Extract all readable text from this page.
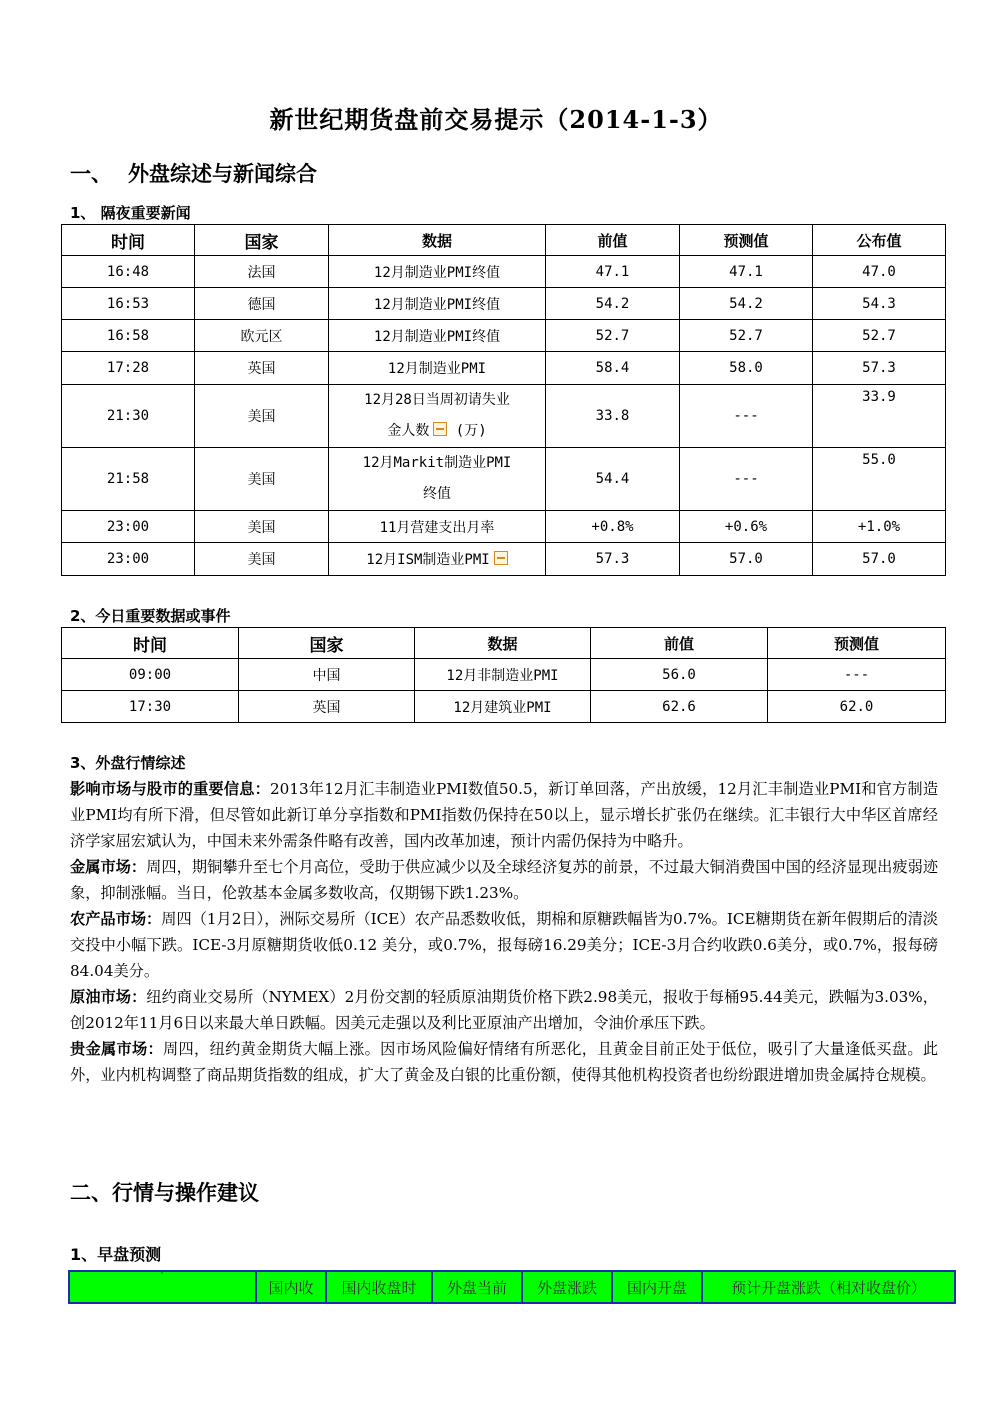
新世纪期货盘前交易提示（2014-1-3）
一、 外盘综述与新闻综合
1、 隔夜重要新闻
时间	国家	数据	前值	预测值	公布值
16:48	法国	12月制造业PMI终值	47.1	47.1	47.0
16:53	德国	12月制造业PMI终值	54.2	54.2	54.3
16:58	欧元区	12月制造业PMI终值	52.7	52.7	52.7
17:28	英国	12月制造业PMI	58.4	58.0	57.3
21:30	美国	12月28日当周初请失业
金人数 (万)	33.8	---	33.9
21:58	美国	12月Markit制造业PMI
终值	54.4	---	55.0
23:00	美国	11月营建支出月率	+0.8%	+0.6%	+1.0%
23:00	美国	12月ISM制造业PMI	57.3	57.0	57.0
2、今日重要数据或事件
时间	国家	数据	前值	预测值
09:00	中国	12月非制造业PMI	56.0	---
17:30	英国	12月建筑业PMI	62.6	62.0
3、外盘行情综述
影响市场与股市的重要信息：2013年12月汇丰制造业PMI数值50.5，新订单回落，产出放缓，12月汇丰制造业PMI和官方制造业PMI均有所下滑，但尽管如此新订单分享指数和PMI指数仍保持在50以上，显示增长扩张仍在继续。汇丰银行大中华区首席经济学家屈宏斌认为，中国未来外需条件略有改善，国内改革加速，预计内需仍保持为中略升。
金属市场：周四，期铜攀升至七个月高位，受助于供应减少以及全球经济复苏的前景，不过最大铜消费国中国的经济显现出疲弱迹象，抑制涨幅。当日，伦敦基本金属多数收高，仅期锡下跌1.23%。
农产品市场：周四（1月2日），洲际交易所（ICE）农产品悉数收低，期棉和原糖跌幅皆为0.7%。ICE糖期货在新年假期后的清淡交投中小幅下跌。ICE-3月原糖期货收低0.12 美分，或0.7%，报每磅16.29美分；ICE-3月合约收跌0.6美分，或0.7%，报每磅84.04美分。
原油市场：纽约商业交易所（NYMEX）2月份交割的轻质原油期货价格下跌2.98美元，报收于每桶95.44美元，跌幅为3.03%，创2012年11月6日以来最大单日跌幅。因美元走强以及利比亚原油产出增加，令油价承压下跌。
贵金属市场：周四，纽约黄金期货大幅上涨。因市场风险偏好情绪有所恶化，且黄金目前正处于低位，吸引了大量逢低买盘。此外，业内机构调整了商品期货指数的组成，扩大了黄金及白银的比重份额，使得其他机构投资者也纷纷跟进增加贵金属持仓规模。
二、行情与操作建议
1、早盘预测
`	国内收	国内收盘时	外盘当前	外盘涨跌	国内开盘	预计开盘涨跌（相对收盘价）
